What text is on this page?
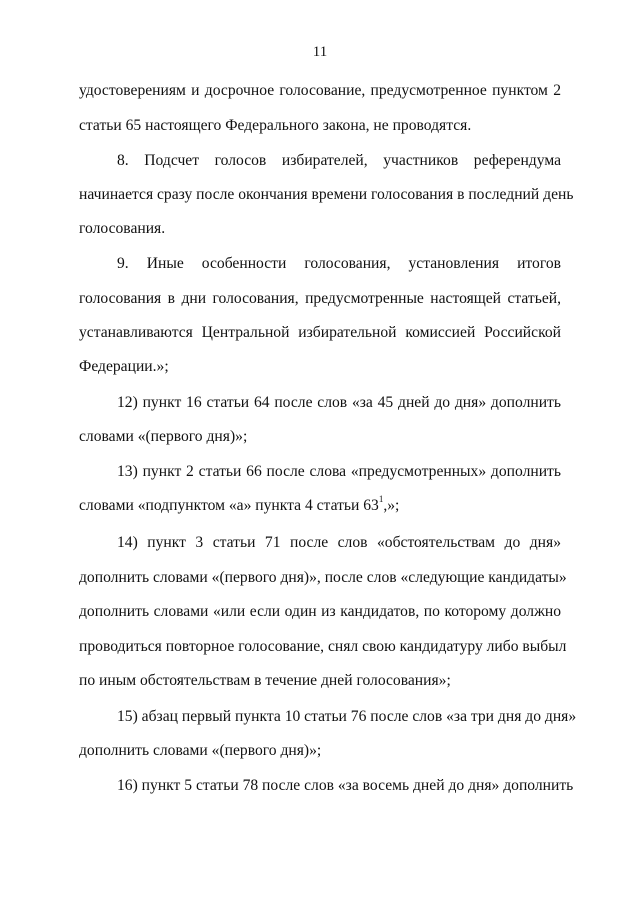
11
удостоверениям и досрочное голосование, предусмотренное пунктом 2
статьи 65 настоящего Федерального закона, не проводятся.
8. Подсчет голосов избирателей, участников референдума
начинается сразу после окончания времени голосования в последний день
голосования.
9. Иные особенности голосования, установления итогов
голосования в дни голосования, предусмотренные настоящей статьей,
устанавливаются Центральной избирательной комиссией Российской
Федерации.»;
12) пункт 16 статьи 64 после слов «за 45 дней до дня» дополнить
словами «(первого дня)»;
13) пункт 2 статьи 66 после слова «предусмотренных» дополнить
словами «подпунктом «а» пункта 4 статьи $63^1$,»;
14) пункт 3 статьи 71 после слов «обстоятельствам до дня»
дополнить словами «(первого дня)», после слов «следующие кандидаты»
дополнить словами «или если один из кандидатов, по которому должно
проводиться повторное голосование, снял свою кандидатуру либо выбыл
по иным обстоятельствам в течение дней голосования»;
15) абзац первый пункта 10 статьи 76 после слов «за три дня до дня»
дополнить словами «(первого дня)»;
16) пункт 5 статьи 78 после слов «за восемь дней до дня» дополнить
